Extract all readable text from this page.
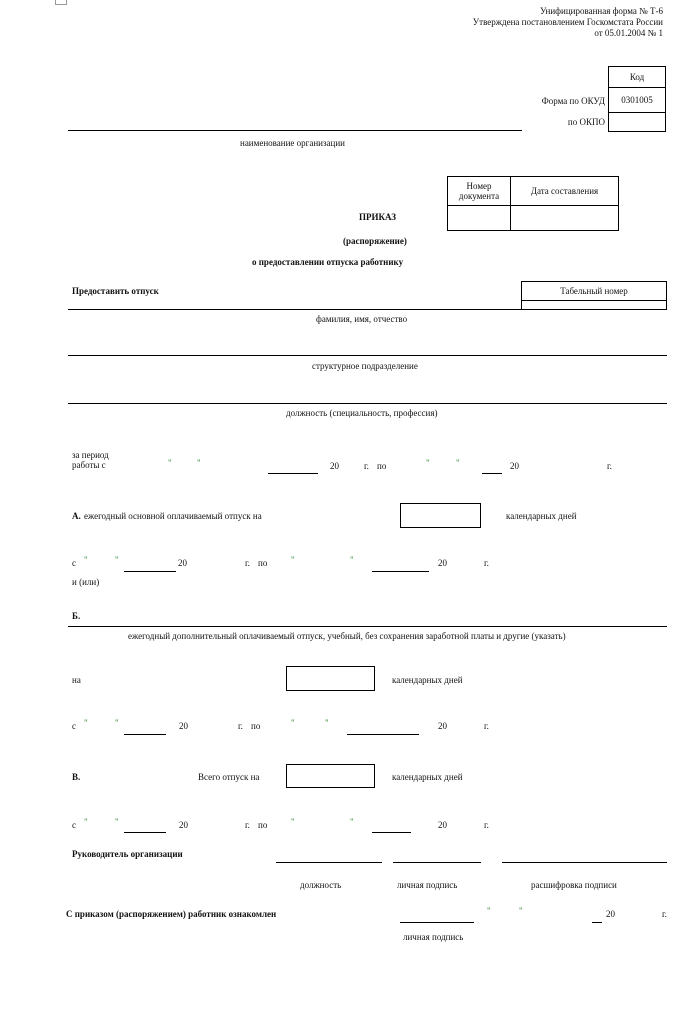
Унифицированная форма № Т-6
Утверждена постановлением Госкомстата России
от 05.01.2004 № 1
Код
0301005
Форма по ОКУД
по ОКПО
наименование организации
Номер документа	Дата составления
ПРИКАЗ
(распоряжение)
о предоставлении отпуска работнику
Предоставить отпуск	Табельный номер
фамилия, имя, отчество
структурное подразделение
должность (специальность, профессия)
за период
работы с	"	"	20	г. по	"	"	20	г.
А. ежегодный основной оплачиваемый отпуск на	календарных дней
с "	"	20	г. по	"	"	20	г.
и (или)
Б.
ежегодный дополнительный оплачиваемый отпуск, учебный, без сохранения заработной платы и другие (указать)
на	календарных дней
с "	"	20	г. по	"	"	20	г.
В.	Всего отпуск на	календарных дней
с "	"	20	г. по	"	"	20	г.
Руководитель организации
должность	личная подпись	расшифровка подписи
С приказом (распоряжением) работник ознакомлен	"	"	20	г.
личная подпись
